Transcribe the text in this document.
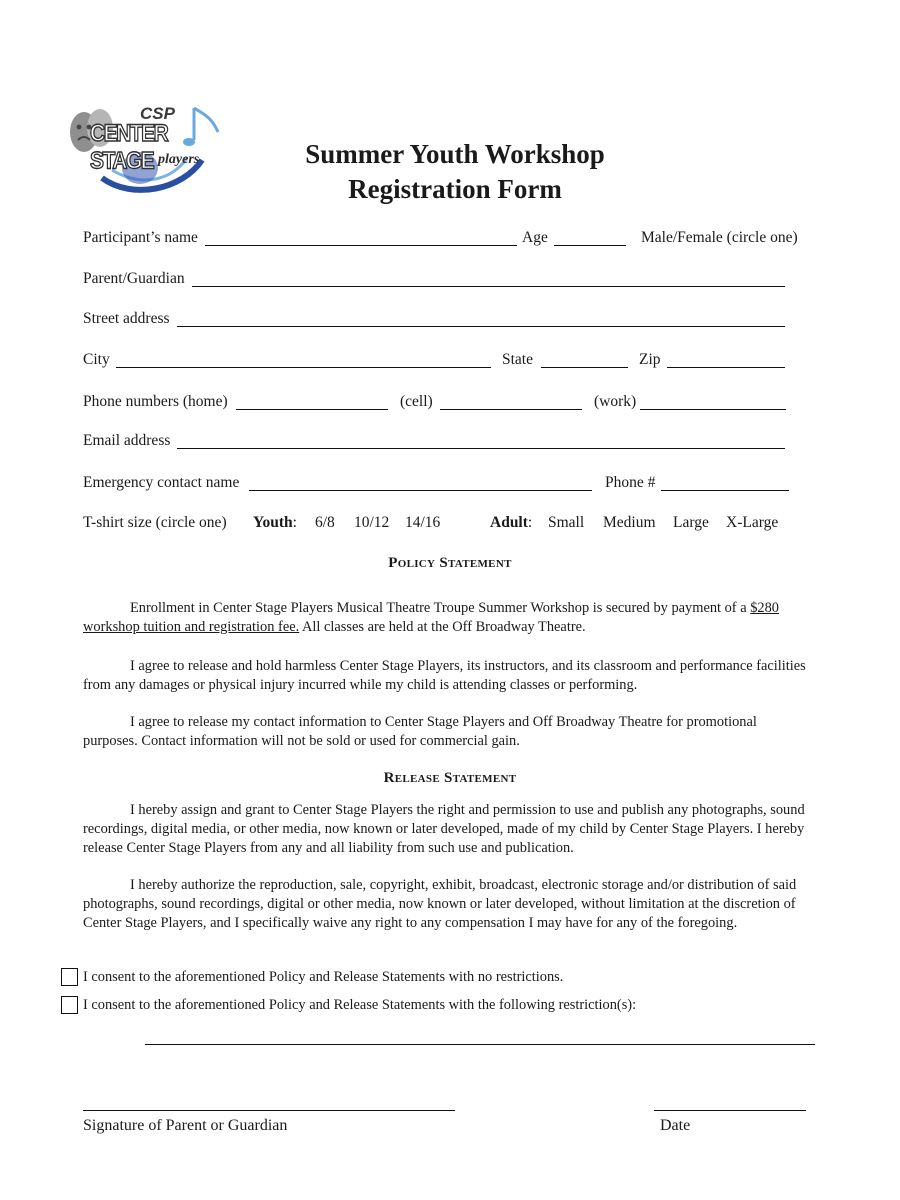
CSP
CENTER STAGE players	Summer Youth Workshop
Registration Form
Participant’s name	Age	Male/Female (circle one)
Parent/Guardian
Street address
City	State	Zip
Phone numbers (home)	(cell)	(work)
Email address
Emergency contact name	Phone #
T-shirt size (circle one) Youth: 6/8 10/12 14/16	Adult: Small Medium Large X-Large
Policy Statement
Enrollment in Center Stage Players Musical Theatre Troupe Summer Workshop is secured by payment of a $280 workshop tuition and registration fee. All classes are held at the Off Broadway Theatre.
I agree to release and hold harmless Center Stage Players, its instructors, and its classroom and performance facilities from any damages or physical injury incurred while my child is attending classes or performing.
I agree to release my contact information to Center Stage Players and Off Broadway Theatre for promotional purposes. Contact information will not be sold or used for commercial gain.
Release Statement
I hereby assign and grant to Center Stage Players the right and permission to use and publish any photographs, sound recordings, digital media, or other media, now known or later developed, made of my child by Center Stage Players. I hereby release Center Stage Players from any and all liability from such use and publication.
I hereby authorize the reproduction, sale, copyright, exhibit, broadcast, electronic storage and/or distribution of said photographs, sound recordings, digital or other media, now known or later developed, without limitation at the discretion of Center Stage Players, and I specifically waive any right to any compensation I may have for any of the foregoing.
I consent to the aforementioned Policy and Release Statements with no restrictions.
I consent to the aforementioned Policy and Release Statements with the following restriction(s):
Signature of Parent or Guardian	Date
